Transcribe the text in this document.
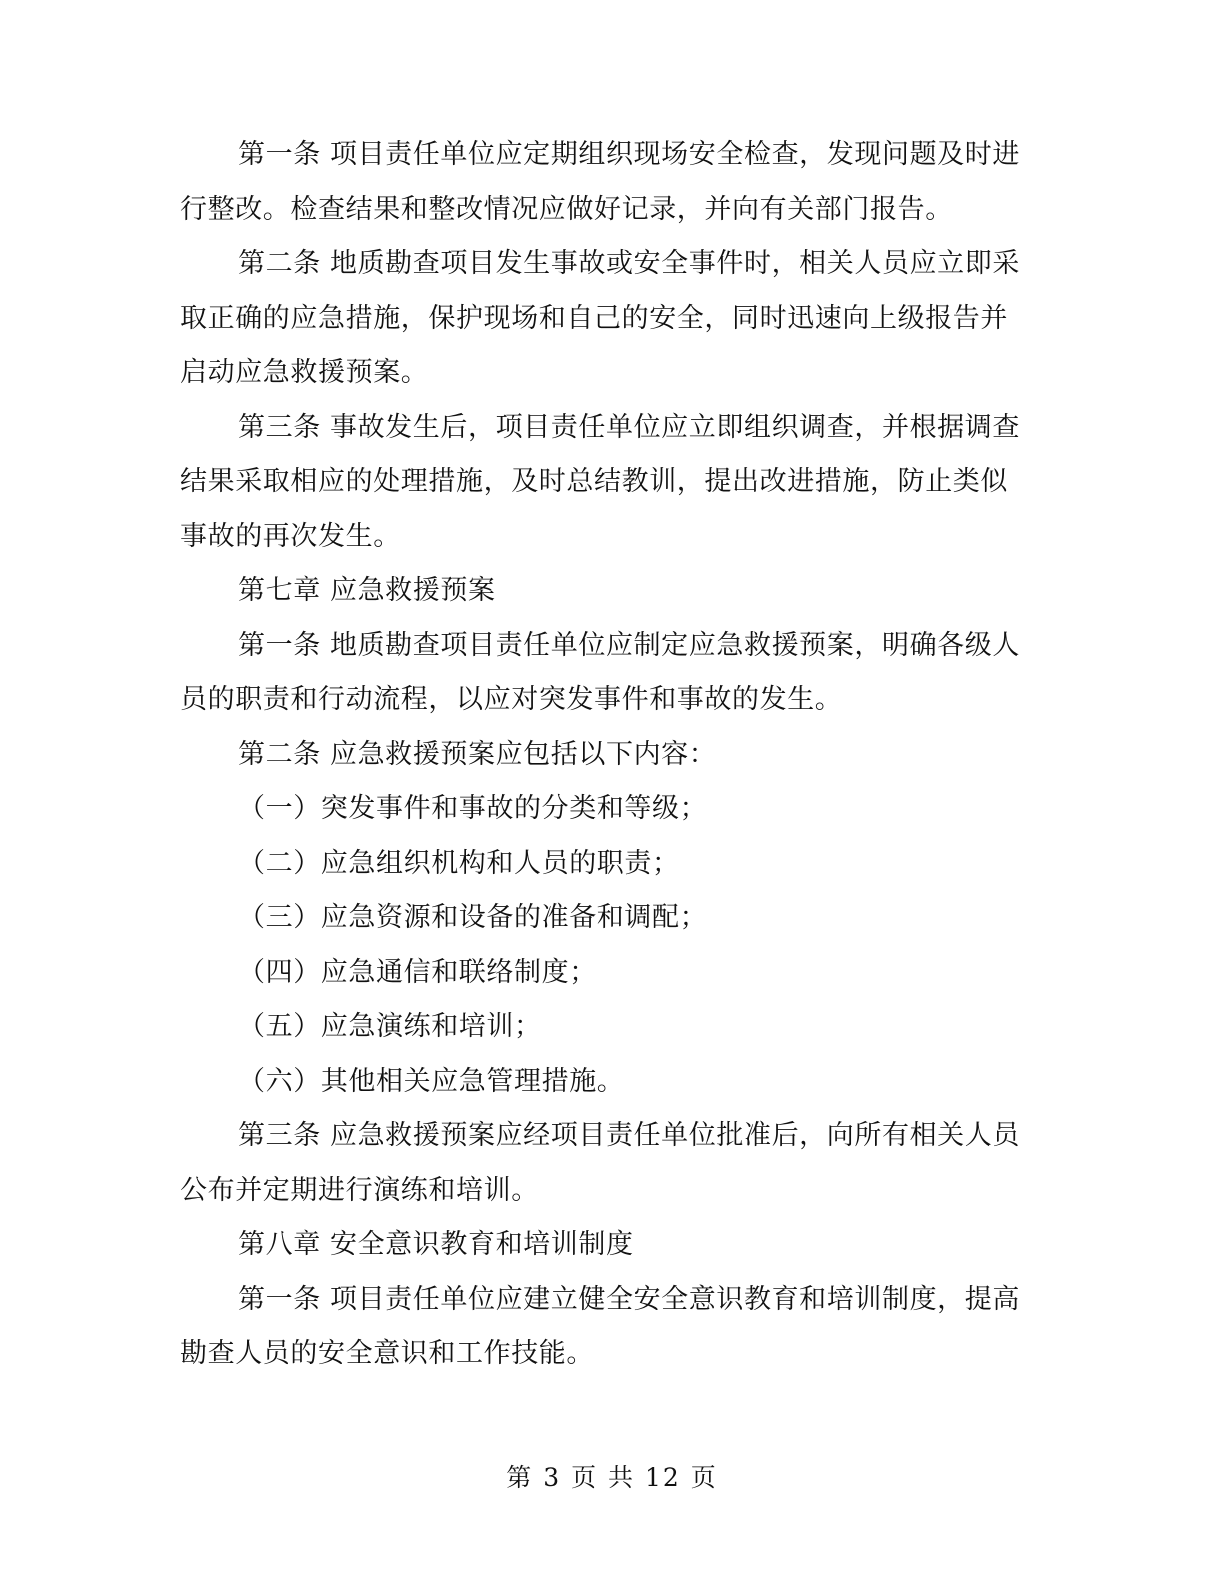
第一条 项目责任单位应定期组织现场安全检查，发现问题及时进
行整改。检查结果和整改情况应做好记录，并向有关部门报告。

第二条 地质勘查项目发生事故或安全事件时，相关人员应立即采
取正确的应急措施，保护现场和自己的安全，同时迅速向上级报告并
启动应急救援预案。

第三条 事故发生后，项目责任单位应立即组织调查，并根据调查
结果采取相应的处理措施，及时总结教训，提出改进措施，防止类似
事故的再次发生。

第七章 应急救援预案

第一条 地质勘查项目责任单位应制定应急救援预案，明确各级人
员的职责和行动流程，以应对突发事件和事故的发生。

第二条 应急救援预案应包括以下内容：

（一）突发事件和事故的分类和等级；

（二）应急组织机构和人员的职责；

（三）应急资源和设备的准备和调配；

（四）应急通信和联络制度；

（五）应急演练和培训；

（六）其他相关应急管理措施。

第三条 应急救援预案应经项目责任单位批准后，向所有相关人员
公布并定期进行演练和培训。

第八章 安全意识教育和培训制度

第一条 项目责任单位应建立健全安全意识教育和培训制度，提高
勘查人员的安全意识和工作技能。

第 3 页 共 12 页
